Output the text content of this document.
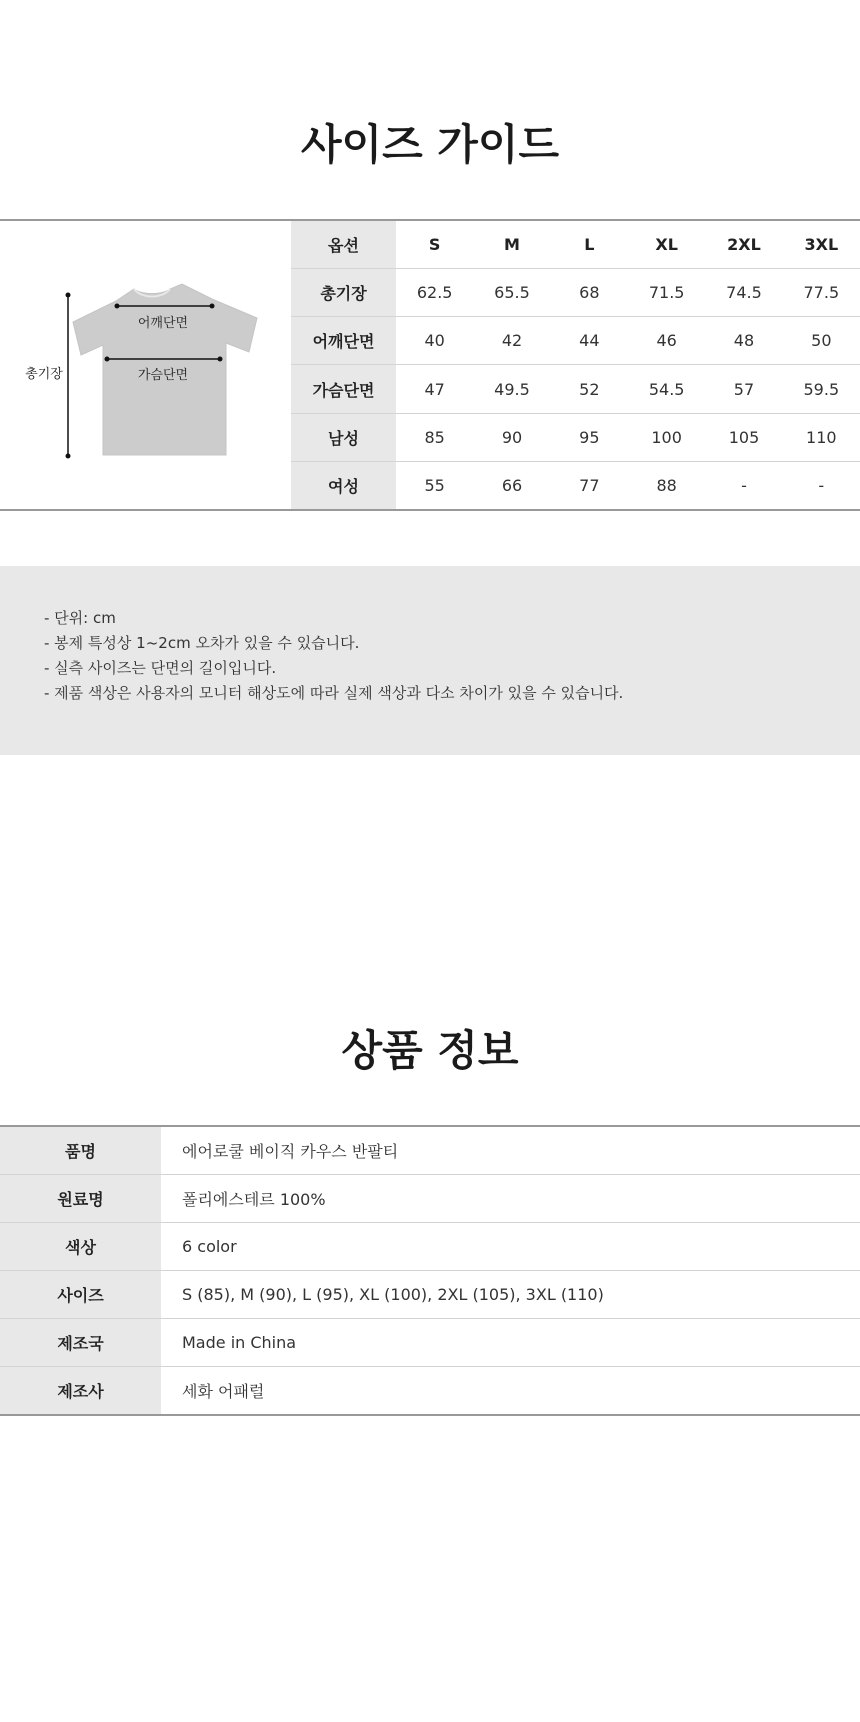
사이즈 가이드
어깨단면
가슴단면
총기장
옵션	S	M	L	XL	2XL	3XL
총기장	62.5	65.5	68	71.5	74.5	77.5
어깨단면	40	42	44	46	48	50
가슴단면	47	49.5	52	54.5	57	59.5
남성	85	90	95	100	105	110
여성	55	66	77	88	-	-

- 단위: cm

- 봉제 특성상 1~2cm 오차가 있을 수 있습니다.

- 실측 사이즈는 단면의 길이입니다.

- 제품 색상은 사용자의 모니터 해상도에 따라 실제 색상과 다소 차이가 있을 수 있습니다.

상품 정보
품명	에어로쿨 베이직 카우스 반팔티
원료명	폴리에스테르 100%
색상	6 color
사이즈	S (85), M (90), L (95), XL (100), 2XL (105), 3XL (110)
제조국	Made in China
제조사	세화 어패럴
